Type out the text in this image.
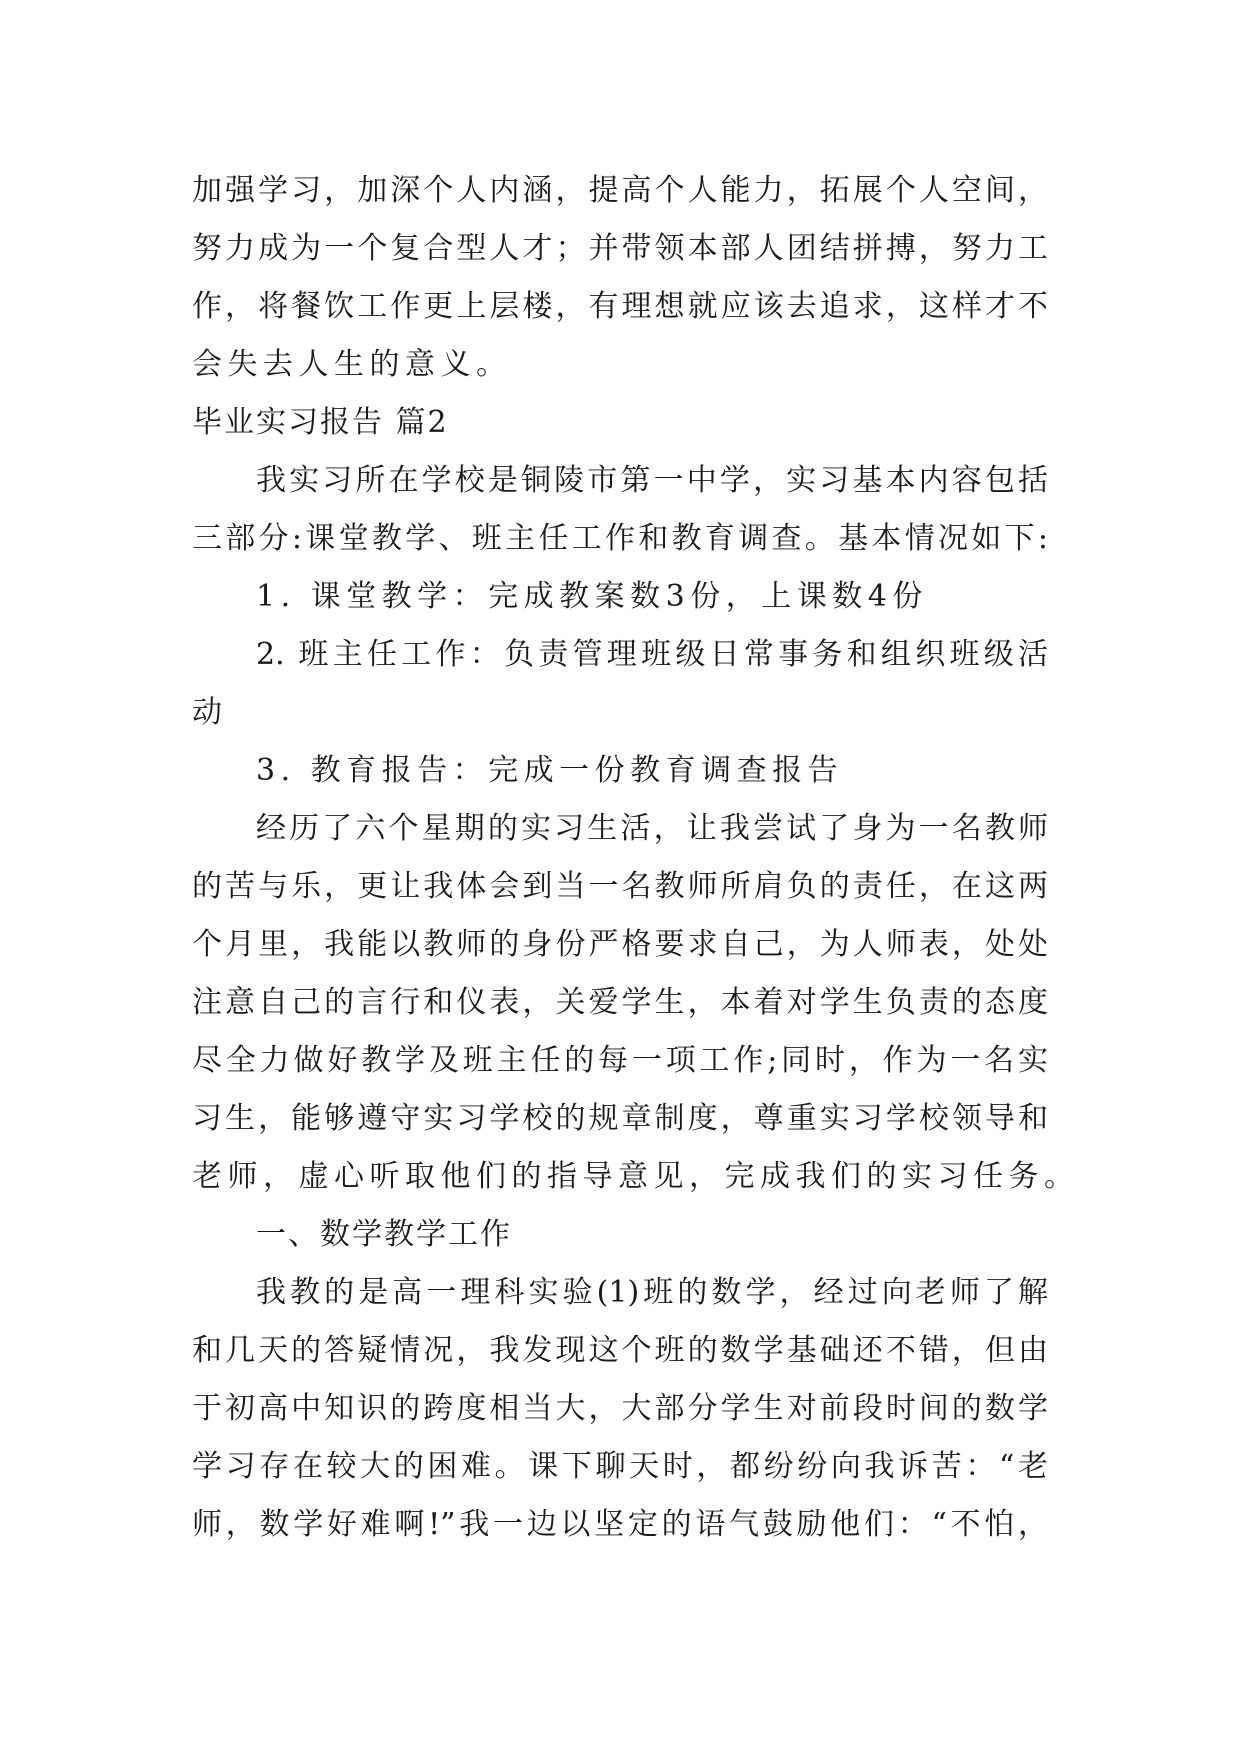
加强学习，加深个人内涵，提高个人能力，拓展个人空间，
努力成为一个复合型人才；并带领本部人团结拼搏，努力工
作，将餐饮工作更上层楼，有理想就应该去追求，这样才不
会失去人生的意义。
毕业实习报告 篇2
我实习所在学校是铜陵市第一中学，实习基本内容包括
三部分:课堂教学、班主任工作和教育调查。基本情况如下:
1. 课堂教学：完成教案数3份，上课数4份
2. 班主任工作：负责管理班级日常事务和组织班级活
动
3. 教育报告：完成一份教育调查报告
经历了六个星期的实习生活，让我尝试了身为一名教师
的苦与乐，更让我体会到当一名教师所肩负的责任，在这两
个月里，我能以教师的身份严格要求自己，为人师表，处处
注意自己的言行和仪表，关爱学生，本着对学生负责的态度
尽全力做好教学及班主任的每一项工作;同时，作为一名实
习生，能够遵守实习学校的规章制度，尊重实习学校领导和
老师，虚心听取他们的指导意见，完成我们的实习任务。
一、数学教学工作
我教的是高一理科实验(1)班的数学，经过向老师了解
和几天的答疑情况，我发现这个班的数学基础还不错，但由
于初高中知识的跨度相当大，大部分学生对前段时间的数学
学习存在较大的困难。课下聊天时，都纷纷向我诉苦：“老
师，数学好难啊!”我一边以坚定的语气鼓励他们：“不怕，
